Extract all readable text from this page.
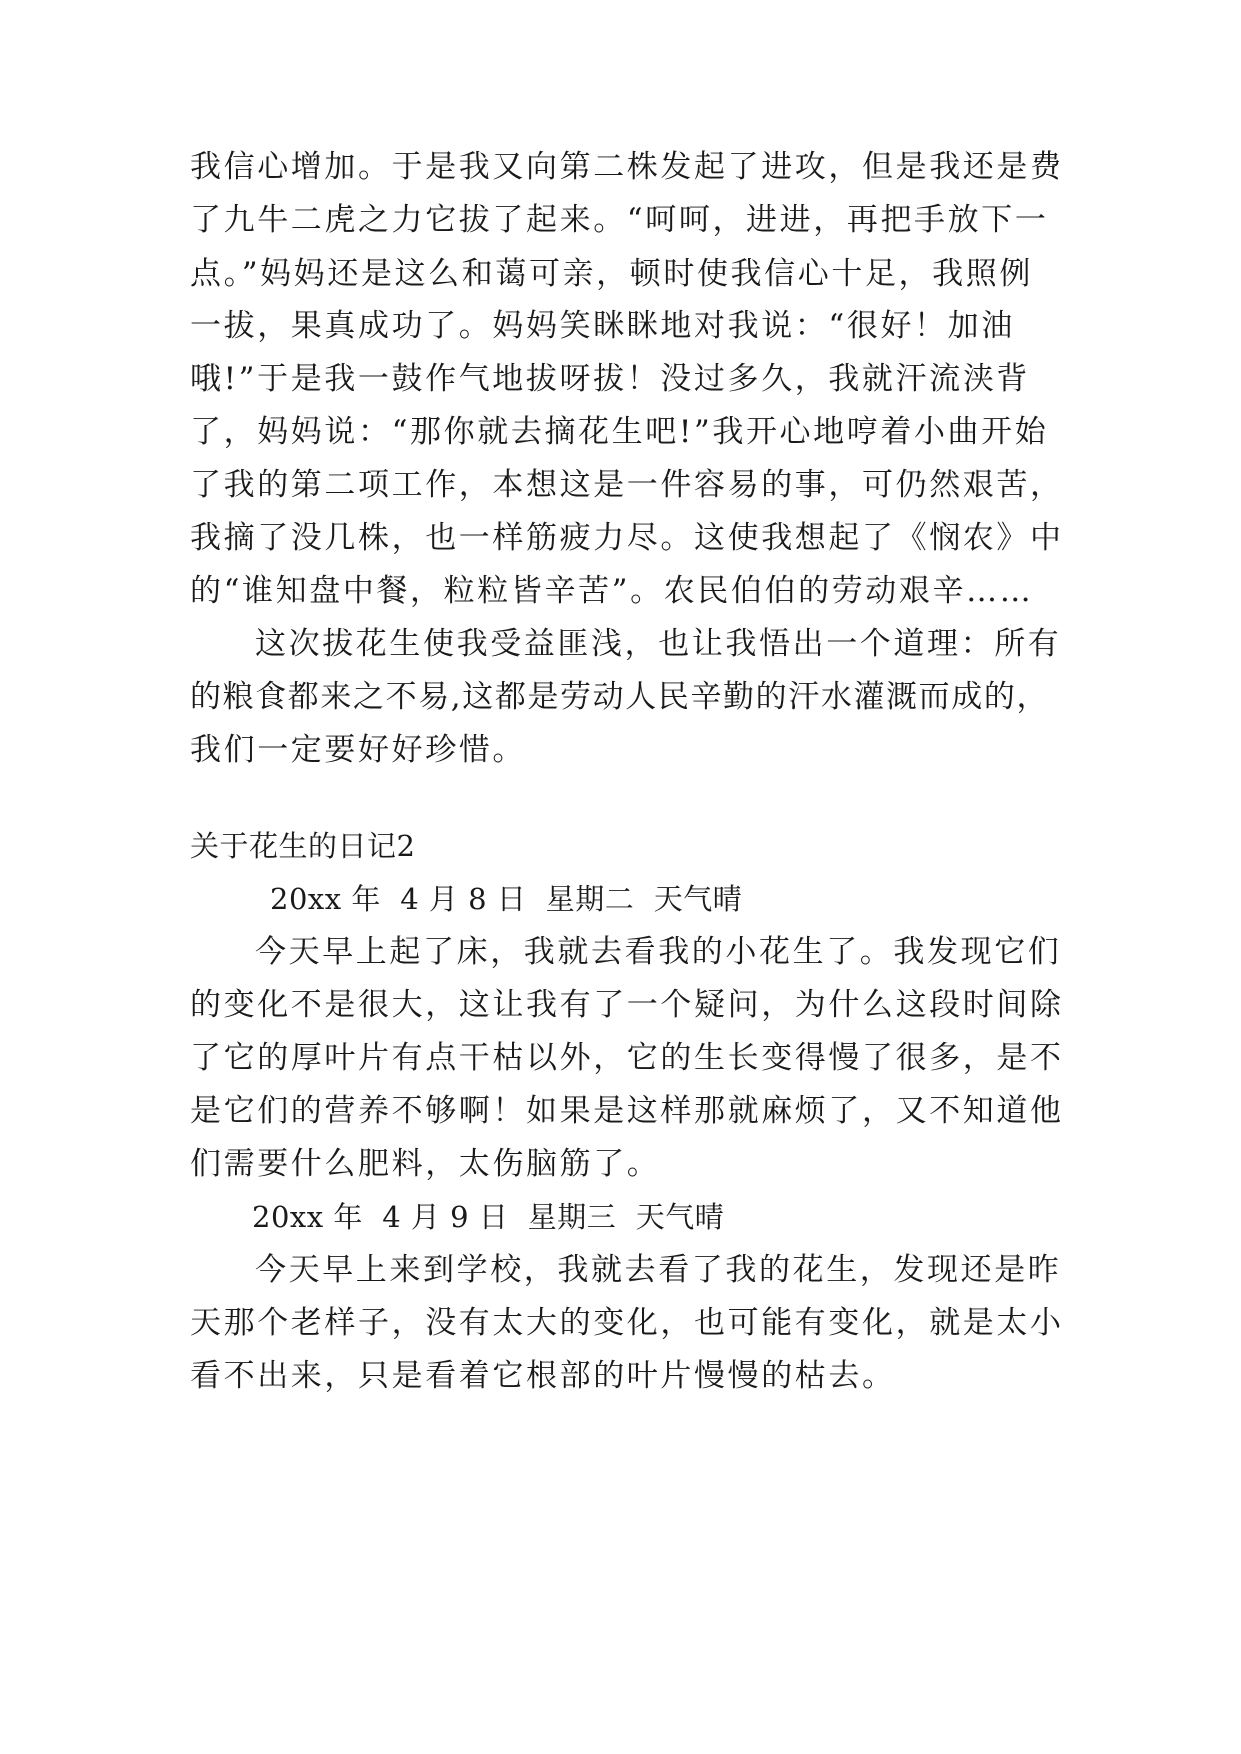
我信心增加。于是我又向第二株发起了进攻，但是我还是费
了九牛二虎之力它拔了起来。“呵呵，进进，再把手放下一
点。”妈妈还是这么和蔼可亲，顿时使我信心十足，我照例
一拔，果真成功了。妈妈笑眯眯地对我说：“很好！加油
哦!”于是我一鼓作气地拔呀拔！没过多久，我就汗流浃背
了，妈妈说：“那你就去摘花生吧!”我开心地哼着小曲开始
了我的第二项工作，本想这是一件容易的事，可仍然艰苦，
我摘了没几株，也一样筋疲力尽。这使我想起了《悯农》中
的“谁知盘中餐，粒粒皆辛苦”。农民伯伯的劳动艰辛……
这次拔花生使我受益匪浅，也让我悟出一个道理：所有
的粮食都来之不易,这都是劳动人民辛勤的汗水灌溉而成的，
我们一定要好好珍惜。
关于花生的日记2
20xx 年  4 月 8 日  星期二  天气晴
今天早上起了床，我就去看我的小花生了。我发现它们
的变化不是很大，这让我有了一个疑问，为什么这段时间除
了它的厚叶片有点干枯以外，它的生长变得慢了很多，是不
是它们的营养不够啊！如果是这样那就麻烦了，又不知道他
们需要什么肥料，太伤脑筋了。
20xx 年  4 月 9 日  星期三  天气晴
今天早上来到学校，我就去看了我的花生，发现还是昨
天那个老样子，没有太大的变化，也可能有变化，就是太小
看不出来，只是看着它根部的叶片慢慢的枯去。
